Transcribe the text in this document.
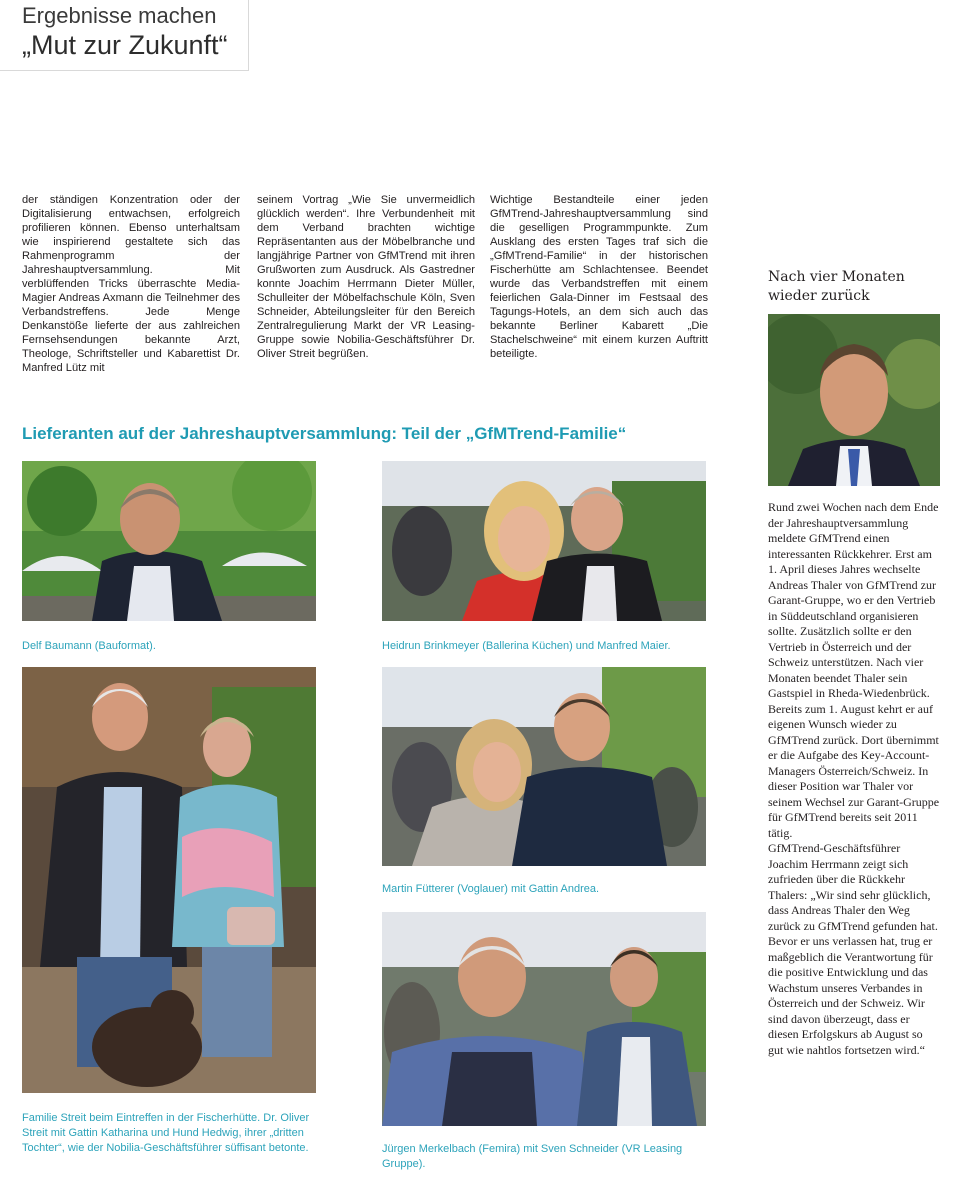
Ergebnisse machen
„Mut zur Zukunft“

der ständigen Konzentration oder der Digitalisierung entwachsen, erfolgreich profilieren können. Ebenso unterhaltsam wie inspirierend gestaltete sich das Rahmenprogramm der Jahreshauptversammlung. Mit verblüffenden Tricks überraschte Media-Magier Andreas Axmann die Teilnehmer des Verbandstreffens. Jede Menge Denkanstöße lieferte der aus zahlreichen Fernsehsendungen bekannte Arzt, Theologe, Schriftsteller und Kabarettist Dr. Manfred Lütz mit

seinem Vortrag „Wie Sie unvermeidlich glücklich werden“. Ihre Verbundenheit mit dem Verband brachten wichtige Repräsentanten aus der Möbelbranche und langjährige Partner von GfMTrend mit ihren Grußworten zum Ausdruck. Als Gastredner konnte Joachim Herrmann Dieter Müller, Schulleiter der Möbelfachschule Köln, Sven Schneider, Abteilungsleiter für den Bereich Zentralregulierung Markt der VR Leasing-Gruppe sowie Nobilia-Geschäftsführer Dr. Oliver Streit begrüßen.

Wichtige Bestandteile einer jeden GfMTrend-Jahreshauptversammlung sind die geselligen Programmpunkte. Zum Ausklang des ersten Tages traf sich die „GfMTrend-Familie“ in der historischen Fischerhütte am Schlachtensee. Beendet wurde das Verbandstreffen mit einem feierlichen Gala-Dinner im Festsaal des Tagungs-Hotels, an dem sich auch das bekannte Berliner Kabarett „Die Stachelschweine“ mit einem kurzen Auftritt beteiligte.

Lieferanten auf der Jahreshauptversammlung: Teil der „GfMTrend-Familie“

Delf Baumann (Bauformat).	Heidrun Brinkmeyer (Ballerina Küchen) und Manfred Maier.

Familie Streit beim Eintreffen in der Fischerhütte. Dr. Oliver Streit mit Gattin Katharina und Hund Hedwig, ihrer „dritten Tochter“, wie der Nobilia-Geschäftsführer süffisant betonte.

Martin Fütterer (Voglauer) mit Gattin Andrea.

Jürgen Merkelbach (Femira) mit Sven Schneider (VR Leasing Gruppe).

Nach vier Monaten wieder zurück

Rund zwei Wochen nach dem Ende der Jahreshauptversammlung meldete GfMTrend einen interessanten Rückkehrer. Erst am 1. April dieses Jahres wechselte Andreas Thaler von GfMTrend zur Garant-Gruppe, wo er den Vertrieb in Süddeutschland organisieren sollte. Zusätzlich sollte er den Vertrieb in Österreich und der Schweiz unterstützen. Nach vier Monaten beendet Thaler sein Gastspiel in Rheda-Wiedenbrück. Bereits zum 1. August kehrt er auf eigenen Wunsch wieder zu GfMTrend zurück. Dort übernimmt er die Aufgabe des Key-Account-Managers Österreich/Schweiz. In dieser Position war Thaler vor seinem Wechsel zur Garant-Gruppe für GfMTrend bereits seit 2011 tätig.
GfMTrend-Geschäftsführer Joachim Herrmann zeigt sich zufrieden über die Rückkehr Thalers: „Wir sind sehr glücklich, dass Andreas Thaler den Weg zurück zu GfMTrend gefunden hat. Bevor er uns verlassen hat, trug er maßgeblich die Verantwortung für die positive Entwicklung und das Wachstum unseres Verbandes in Österreich und der Schweiz. Wir sind davon überzeugt, dass er diesen Erfolgskurs ab August so gut wie nahtlos fortsetzen wird.“
